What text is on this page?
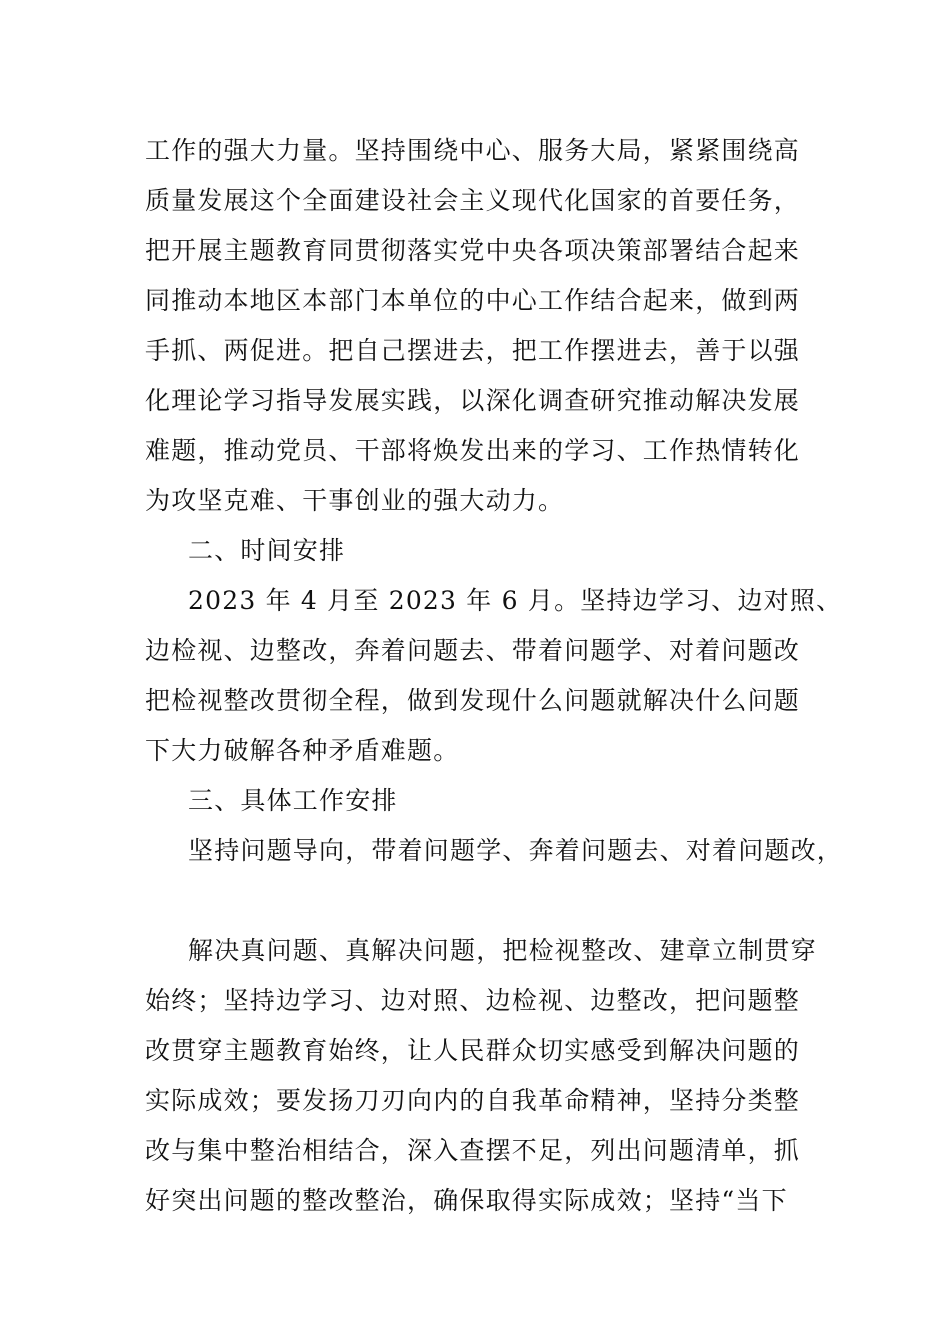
工作的强大力量。坚持围绕中心、服务大局，紧紧围绕高
质量发展这个全面建设社会主义现代化国家的首要任务，
把开展主题教育同贯彻落实党中央各项决策部署结合起来
同推动本地区本部门本单位的中心工作结合起来，做到两
手抓、两促进。把自己摆进去，把工作摆进去，善于以强
化理论学习指导发展实践，以深化调查研究推动解决发展
难题，推动党员、干部将焕发出来的学习、工作热情转化
为攻坚克难、干事创业的强大动力。
二、时间安排
2023 年 4 月至 2023 年 6 月。坚持边学习、边对照、
边检视、边整改，奔着问题去、带着问题学、对着问题改
把检视整改贯彻全程，做到发现什么问题就解决什么问题
下大力破解各种矛盾难题。
三、具体工作安排
坚持问题导向，带着问题学、奔着问题去、对着问题改，
解决真问题、真解决问题，把检视整改、建章立制贯穿
始终；坚持边学习、边对照、边检视、边整改，把问题整
改贯穿主题教育始终，让人民群众切实感受到解决问题的
实际成效；要发扬刀刃向内的自我革命精神，坚持分类整
改与集中整治相结合，深入查摆不足，列出问题清单，抓
好突出问题的整改整治，确保取得实际成效；坚持“当下
